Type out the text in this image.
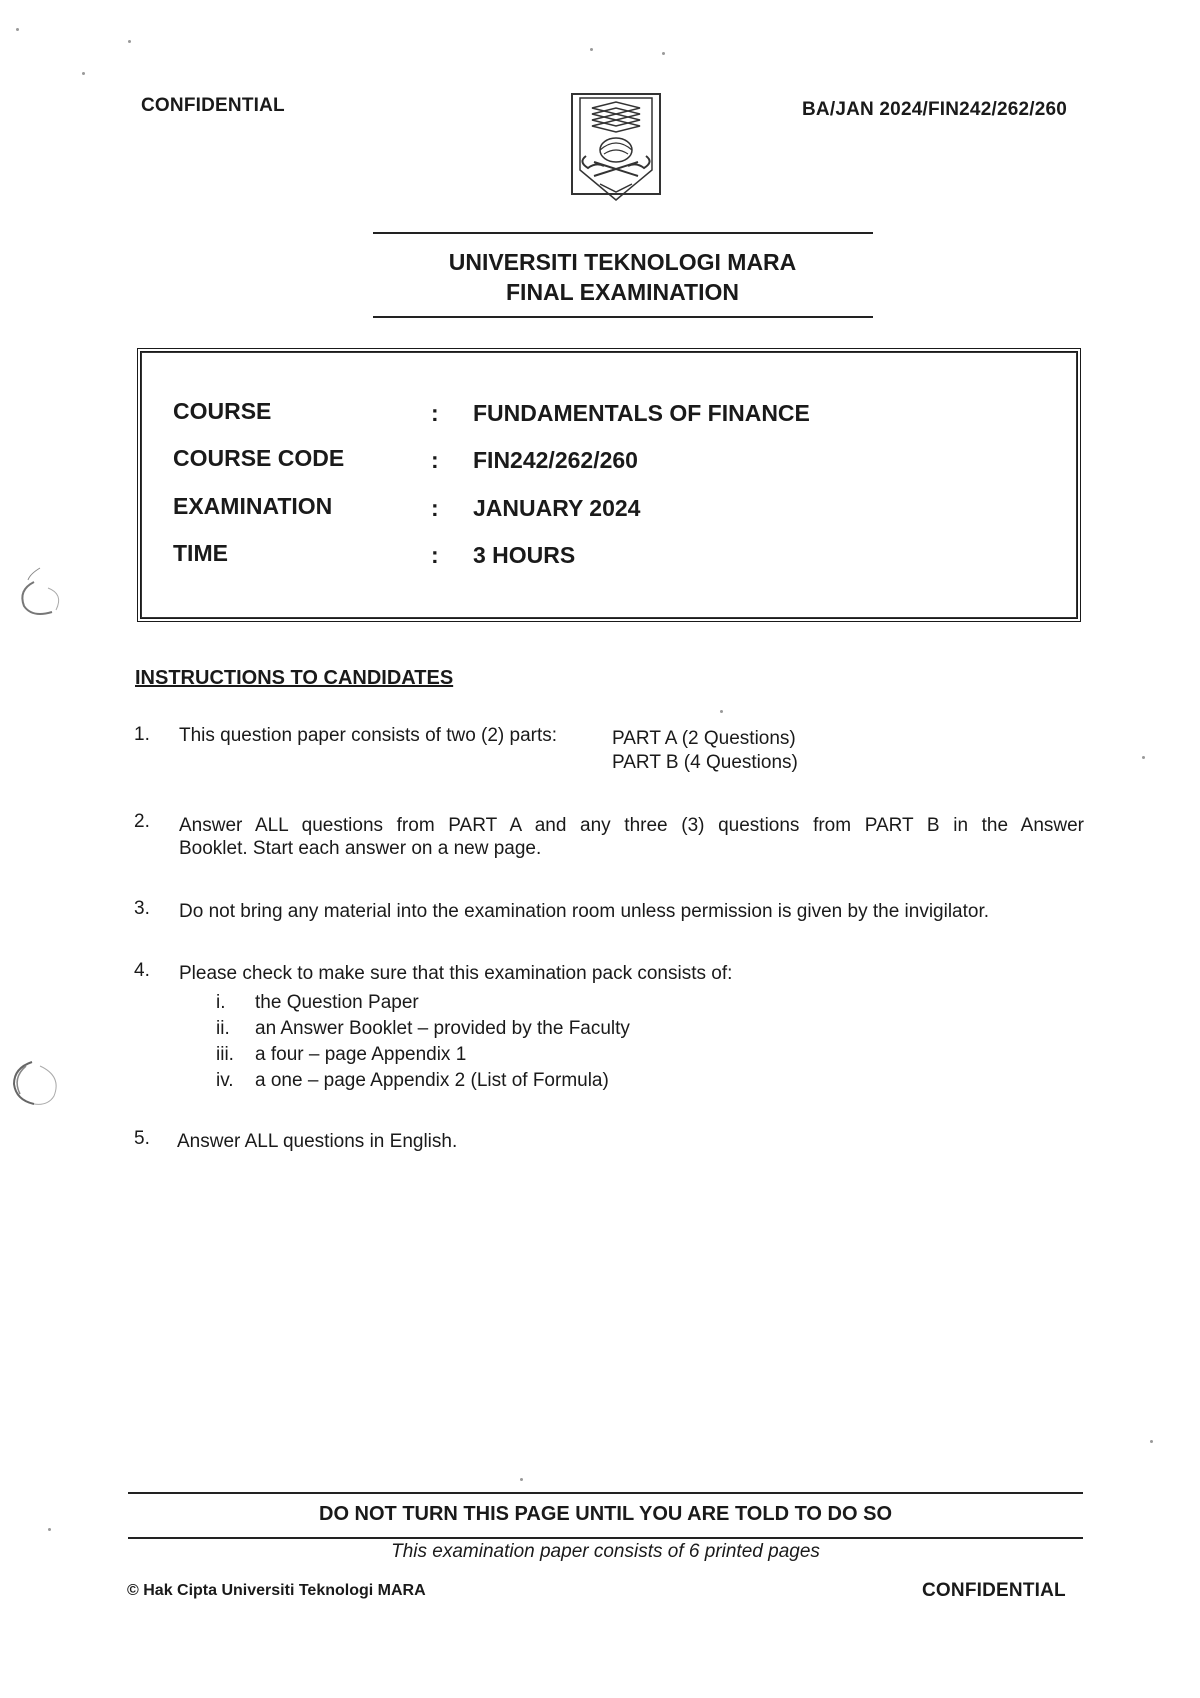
CONFIDENTIAL	BA/JAN 2024/FIN242/262/260
UNIVERSITI TEKNOLOGI MARA
FINAL EXAMINATION
COURSE	: FUNDAMENTALS OF FINANCE
COURSE CODE	: FIN242/262/260
EXAMINATION	: JANUARY 2024
TIME	: 3 HOURS
INSTRUCTIONS TO CANDIDATES
1. This question paper consists of two (2) parts:	PART A (2 Questions)
PART B (4 Questions)
2. Answer ALL questions from PART A and any three (3) questions from PART B in the Answer
Booklet. Start each answer on a new page.
3. Do not bring any material into the examination room unless permission is given by the invigilator.
4. Please check to make sure that this examination pack consists of:
i. the Question Paper
ii. an Answer Booklet – provided by the Faculty
iii. a four – page Appendix 1
iv. a one – page Appendix 2 (List of Formula)
5. Answer ALL questions in English.
DO NOT TURN THIS PAGE UNTIL YOU ARE TOLD TO DO SO
This examination paper consists of 6 printed pages
© Hak Cipta Universiti Teknologi MARA	CONFIDENTIAL
